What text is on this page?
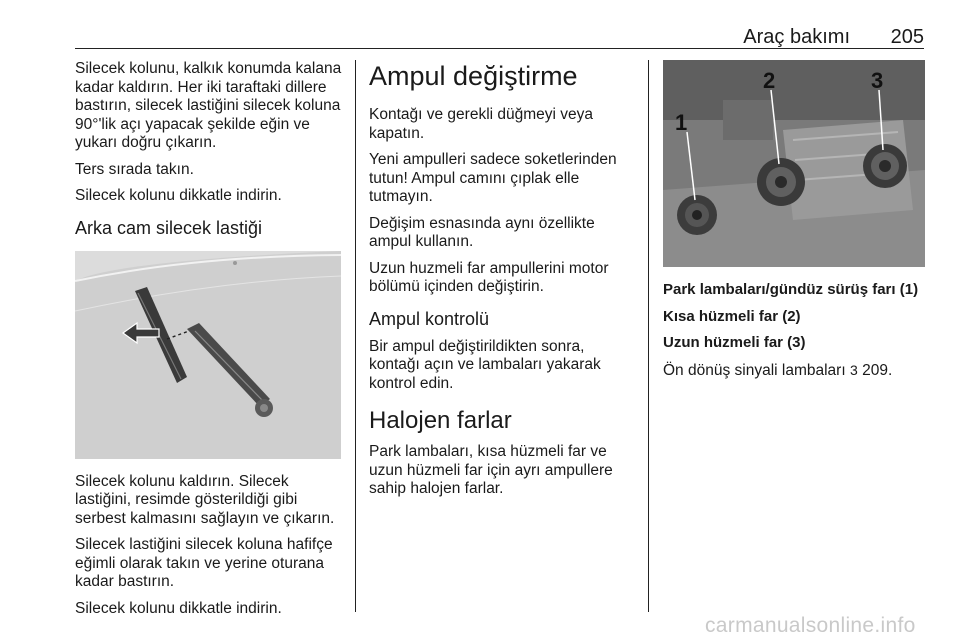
Araç bakımı 205

Silecek kolunu, kalkık konumda kalana kadar kaldırın. Her iki taraftaki dillere bastırın, silecek lastiğini silecek koluna 90°'lik açı yapacak şekilde eğin ve yukarı doğru çıkarın.

Ters sırada takın.

Silecek kolunu dikkatle indirin.

Arka cam silecek lastiği

Silecek kolunu kaldırın. Silecek lastiğini, resimde gösterildiği gibi serbest kalmasını sağlayın ve çıkarın.

Silecek lastiğini silecek koluna hafifçe eğimli olarak takın ve yerine oturana kadar bastırın.

Silecek kolunu dikkatle indirin.

Ampul değiştirme

Kontağı ve gerekli düğmeyi veya kapatın.

Yeni ampulleri sadece soketlerinden tutun! Ampul camını çıplak elle tutmayın.

Değişim esnasında aynı özellikte ampul kullanın.

Uzun huzmeli far ampullerini motor bölümü içinden değiştirin.

Ampul kontrolü

Bir ampul değiştirildikten sonra, kontağı açın ve lambaları yakarak kontrol edin.

Halojen farlar

Park lambaları, kısa hüzmeli far ve uzun hüzmeli far için ayrı ampullere sahip halojen farlar.

1
2	3

Park lambaları/gündüz sürüş farı (1)

Kısa hüzmeli far (2)

Uzun hüzmeli far (3)

Ön dönüş sinyali lambaları 3 209.

carmanualsonline.info
